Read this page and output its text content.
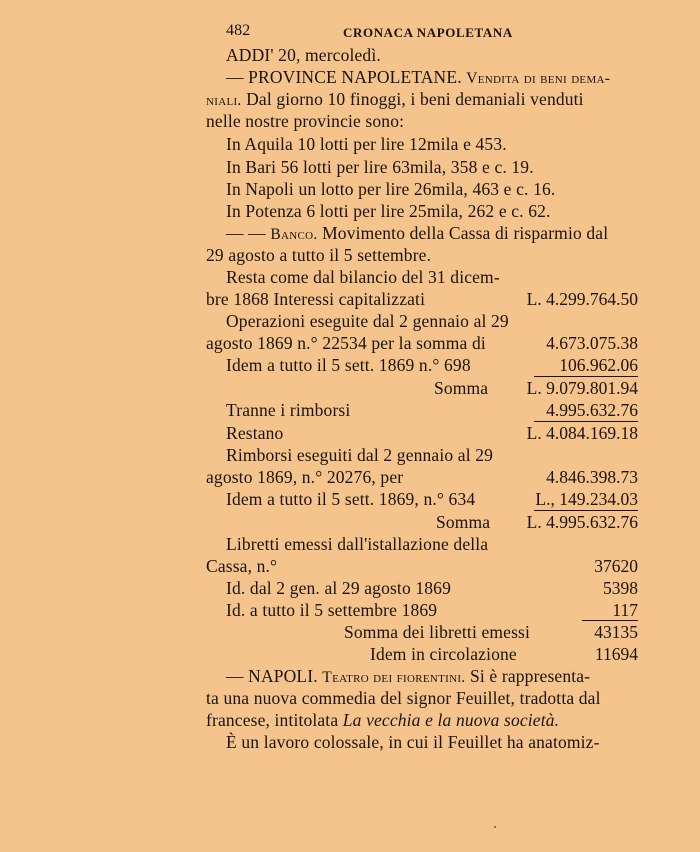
482	CRONACA NAPOLETANA
ADDI' 20, mercoledì.
— PROVINCE NAPOLETANE. Vendita di beni dema-
niali. Dal giorno 10 finoggi, i beni demaniali venduti
nelle nostre provincie sono:
In Aquila 10 lotti per lire 12mila e 453.
In Bari 56 lotti per lire 63mila, 358 e c. 19.
In Napoli un lotto per lire 26mila, 463 e c. 16.
In Potenza 6 lotti per lire 25mila, 262 e c. 62.
— — Banco. Movimento della Cassa di risparmio dal
29 agosto a tutto il 5 settembre.
Resta come dal bilancio del 31 dicem-
bre 1868 Interessi capitalizzati	L. 4.299.764.50
Operazioni eseguite dal 2 gennaio al 29
agosto 1869 n.° 22534 per la somma di	4.673.075.38
Idem a tutto il 5 sett. 1869 n.° 698	106.962.06
Somma L. 9.079.801.94
Tranne i rimborsi	4.995.632.76
Restano	L. 4.084.169.18
Rimborsi eseguiti dal 2 gennaio al 29
agosto 1869, n.° 20276, per	4.846.398.73
Idem a tutto il 5 sett. 1869, n.° 634	L., 149.234.03
Somma L. 4.995.632.76
Libretti emessi dall'istallazione della
Cassa, n.°	37620
Id. dal 2 gen. al 29 agosto 1869	5398
Id. a tutto il 5 settembre 1869	117
Somma dei libretti emessi	43135
Idem in circolazione	11694
— NAPOLI. Teatro dei fiorentini. Si è rappresenta-
ta una nuova commedia del signor Feuillet, tradotta dal
francese, intitolata La vecchia e la nuova società.
È un lavoro colossale, in cui il Feuillet ha anatomiz-
